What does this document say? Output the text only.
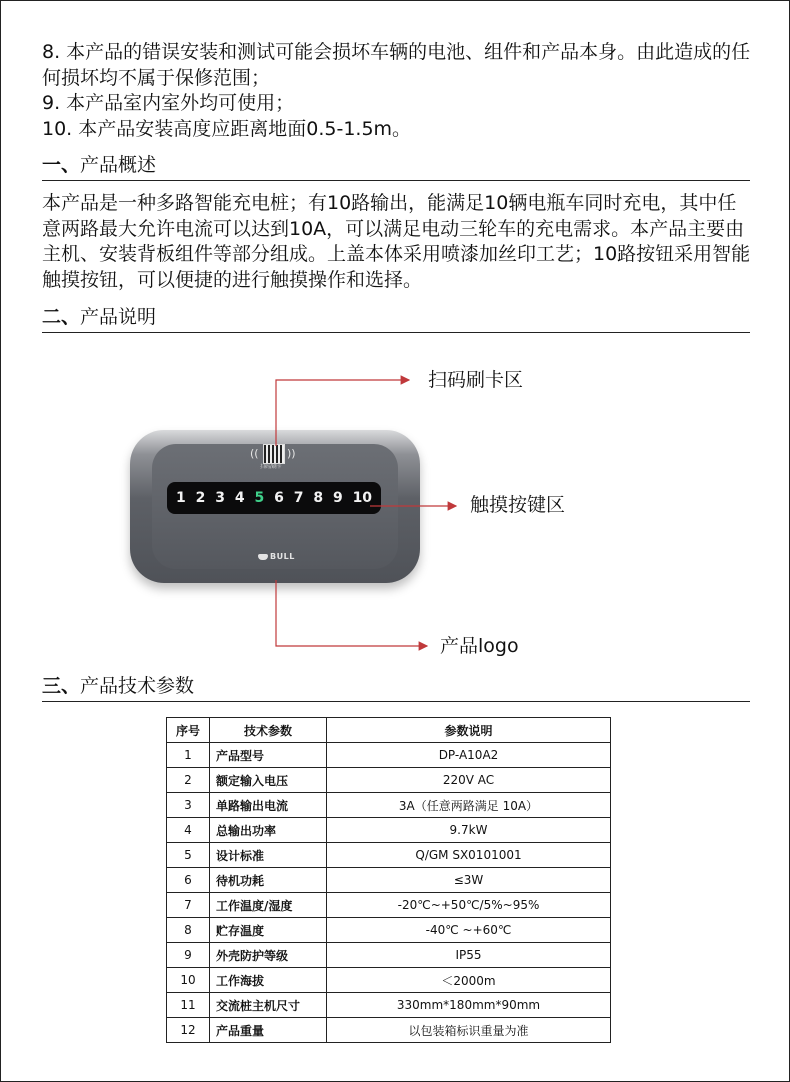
8. 本产品的错误安装和测试可能会损坏车辆的电池、组件和产品本身。由此造成的任何损坏均不属于保修范围；

9. 本产品室内室外均可使用；

10. 本产品安装高度应距离地面0.5-1.5m。

一、产品概述

本产品是一种多路智能充电桩；有10路输出，能满足10辆电瓶车同时充电，其中任意两路最大允许电流可以达到10A，可以满足电动三轮车的充电需求。本产品主要由主机、安装背板组件等部分组成。上盖本体采用喷漆加丝印工艺；10路按钮采用智能触摸按钮，可以便捷的进行触摸操作和选择。

二、产品说明
((	))
扫码/刷卡
1 2 3 4 5 6 7 8 9 10
BULL
扫码刷卡区
触摸按键区
产品logo
三、产品技术参数
序号	技术参数	参数说明
1	产品型号	DP-A10A2
2	额定输入电压	220V AC
3	单路输出电流	3A（任意两路满足 10A）
4	总输出功率	9.7kW
5	设计标准	Q/GM SX0101001
6	待机功耗	≤3W
7	工作温度/湿度	-20℃~+50℃/5%~95%
8	贮存温度	-40℃ ~+60℃
9	外壳防护等级	IP55
10	工作海拔	＜2000m
11	交流桩主机尺寸	330mm*180mm*90mm
12	产品重量	以包装箱标识重量为准
